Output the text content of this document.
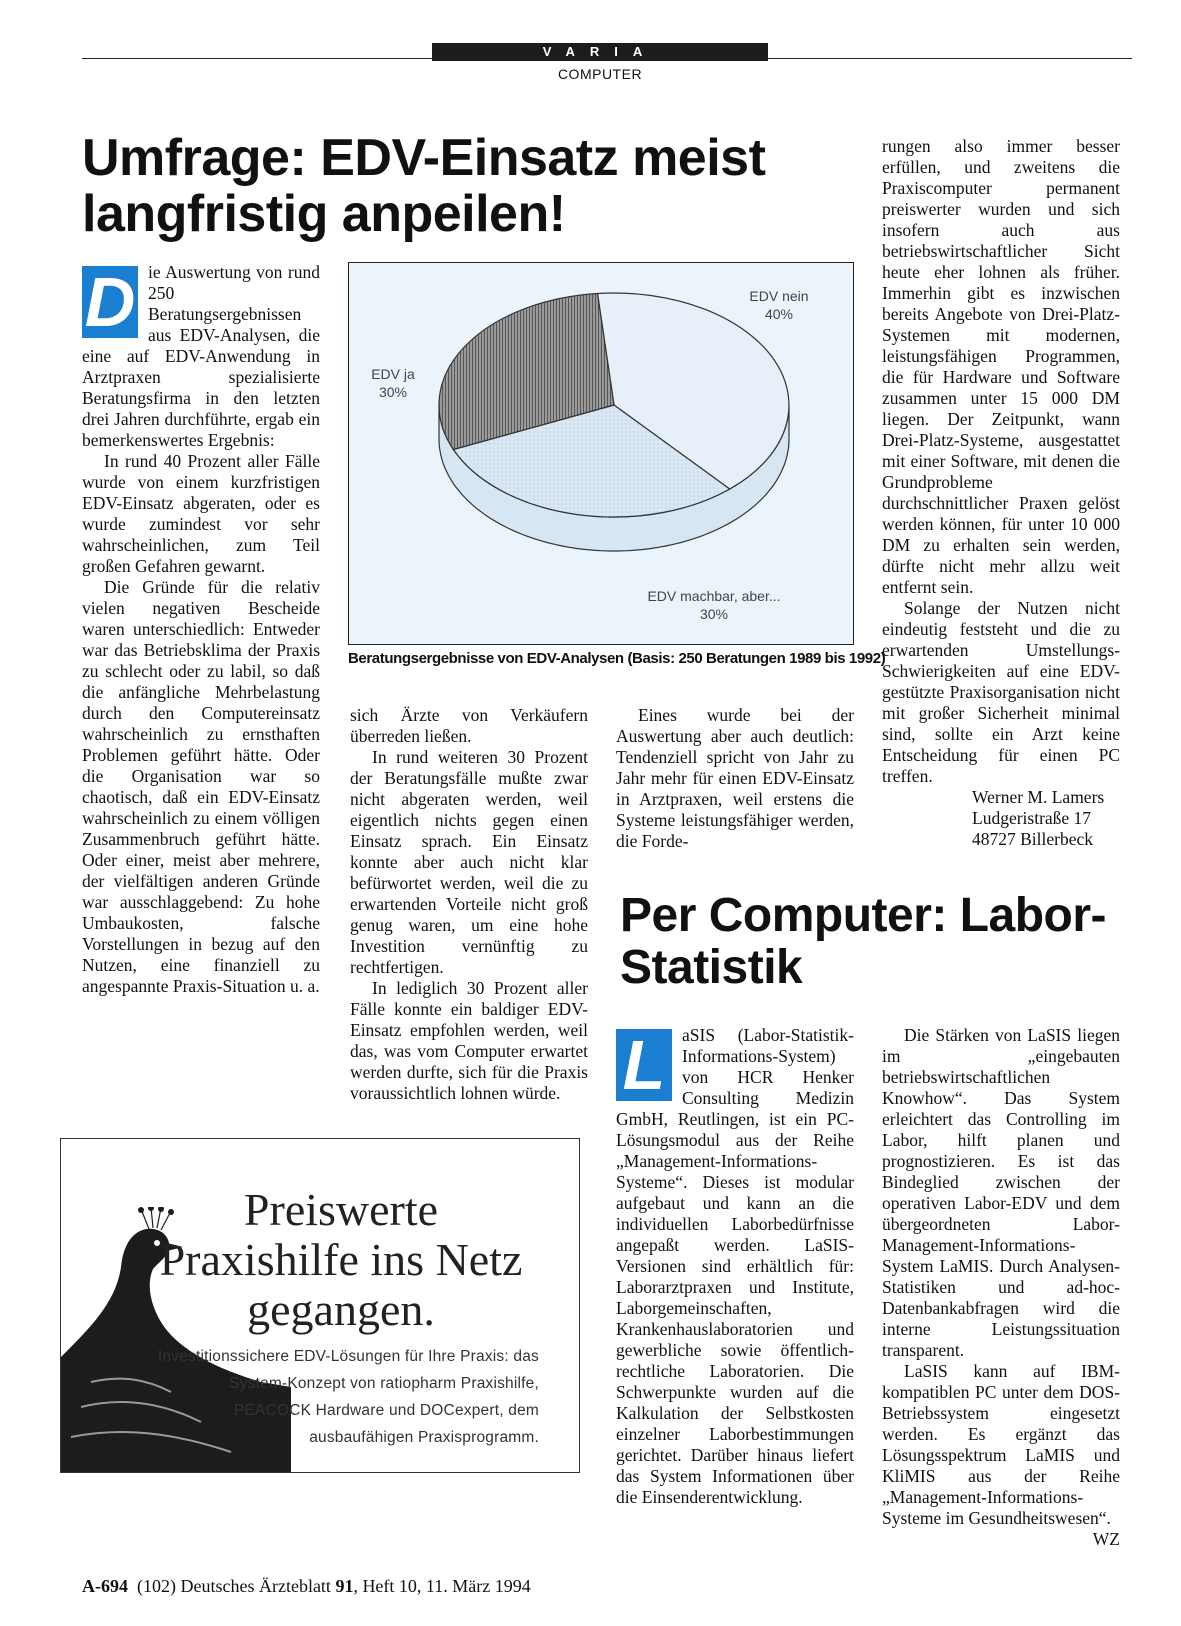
VARIA
COMPUTER
Umfrage: EDV-Einsatz meist langfristig anpeilen!

D ie Auswertung von rund 250 Beratungsergebnissen aus EDV-Analysen, die eine auf EDV-Anwendung in Arztpraxen spezialisierte Beratungsfirma in den letzten drei Jahren durchführte, ergab ein bemerkenswertes Ergebnis:

In rund 40 Prozent aller Fälle wurde von einem kurzfristigen EDV-Einsatz abgeraten, oder es wurde zumindest vor sehr wahrscheinlichen, zum Teil großen Gefahren gewarnt.

Die Gründe für die relativ vielen negativen Bescheide waren unterschiedlich: Entweder war das Betriebsklima der Praxis zu schlecht oder zu labil, so daß die anfängliche Mehrbelastung durch den Computereinsatz wahrscheinlich zu ernsthaften Problemen geführt hätte. Oder die Organisation war so chaotisch, daß ein EDV-Einsatz wahrscheinlich zu einem völligen Zusammenbruch geführt hätte. Oder einer, meist aber mehrere, der vielfältigen anderen Gründe war ausschlaggebend: Zu hohe Umbaukosten, falsche Vorstellungen in bezug auf den Nutzen, eine finanziell zu angespannte Praxis-Situation u. a.

EDV nein
40%
EDV machbar, aber...
30%
EDV ja
30%
Beratungsergebnisse von EDV-Analysen (Basis: 250 Beratungen 1989 bis 1992)

sich Ärzte von Verkäufern überreden ließen.

In rund weiteren 30 Prozent der Beratungsfälle mußte zwar nicht abgeraten werden, weil eigentlich nichts gegen einen Einsatz sprach. Ein Einsatz konnte aber auch nicht klar befürwortet werden, weil die zu erwartenden Vorteile nicht groß genug waren, um eine hohe Investition vernünftig zu rechtfertigen.

In lediglich 30 Prozent aller Fälle konnte ein baldiger EDV-Einsatz empfohlen werden, weil das, was vom Computer erwartet werden durfte, sich für die Praxis voraussichtlich lohnen würde.

Eines wurde bei der Auswertung aber auch deutlich: Tendenziell spricht von Jahr zu Jahr mehr für einen EDV-Einsatz in Arztpraxen, weil erstens die Systeme leistungsfähiger werden, die Forde-

rungen also immer besser erfüllen, und zweitens die Praxiscomputer permanent preiswerter wurden und sich insofern auch aus betriebswirtschaftlicher Sicht heute eher lohnen als früher. Immerhin gibt es inzwischen bereits Angebote von Drei-Platz-Systemen mit modernen, leistungsfähigen Programmen, die für Hardware und Software zusammen unter 15 000 DM liegen. Der Zeitpunkt, wann Drei-Platz-Systeme, ausgestattet mit einer Software, mit denen die Grundprobleme durchschnittlicher Praxen gelöst werden können, für unter 10 000 DM zu erhalten sein werden, dürfte nicht mehr allzu weit entfernt sein.

Solange der Nutzen nicht eindeutig feststeht und die zu erwartenden Umstellungs-Schwierigkeiten auf eine EDV-gestützte Praxisorganisation nicht mit großer Sicherheit minimal sind, sollte ein Arzt keine Entscheidung für einen PC treffen.

Werner M. Lamers

Ludgeristraße 17

48727 Billerbeck

Per Computer: Labor-Statistik

L aSIS (Labor-Statistik-Informations-System) von HCR Henker Consulting Medizin GmbH, Reutlingen, ist ein PC-Lösungsmodul aus der Reihe „Management-Informations-Systeme“. Dieses ist modular aufgebaut und kann an die individuellen Laborbedürfnisse angepaßt werden. LaSIS-Versionen sind erhältlich für: Laborarztpraxen und Institute, Laborgemeinschaften, Krankenhauslaboratorien und gewerbliche sowie öffentlich-rechtliche Laboratorien. Die Schwerpunkte wurden auf die Kalkulation der Selbstkosten einzelner Laborbestimmungen gerichtet. Darüber hinaus liefert das System Informationen über die Einsenderentwicklung.

Die Stärken von LaSIS liegen im „eingebauten betriebswirtschaftlichen Knowhow“. Das System erleichtert das Controlling im Labor, hilft planen und prognostizieren. Es ist das Bindeglied zwischen der operativen Labor-EDV und dem übergeordneten Labor-Management-Informations-System LaMIS. Durch Analysen-Statistiken und ad-hoc-Datenbankabfragen wird die interne Leistungssituation transparent.

LaSIS kann auf IBM-kompatiblen PC unter dem DOS-Betriebssystem eingesetzt werden. Es ergänzt das Lösungsspektrum LaMIS und KliMIS aus der Reihe „Management-Informations-Systeme im Gesundheitswesen“.
WZ

Preiswerte
Praxishilfe ins Netz
gegangen.
Investitionssichere EDV-Lösungen für Ihre Praxis: das System-Konzept von ratiopharm Praxishilfe, PEACOCK Hardware und DOCexpert, dem ausbaufähigen Praxisprogramm.
A-694 (102) Deutsches Ärzteblatt 91, Heft 10, 11. März 1994
